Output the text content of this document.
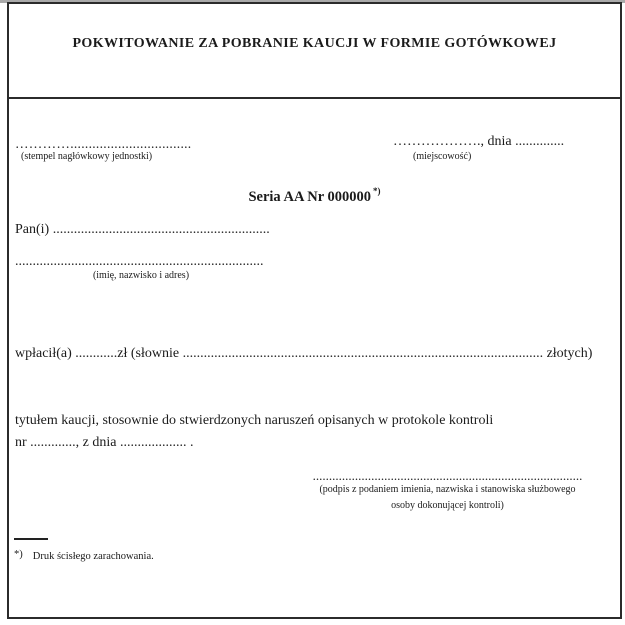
POKWITOWANIE ZA POBRANIE KAUCJI W FORMIE GOTÓWKOWEJ
………….................................
(stempel nagłówkowy jednostki)
………………., dnia ..............
(miejscowość)
Seria AA Nr 000000 *)
Pan(i) ..............................................................
.......................................................................
(imię, nazwisko i adres)
wpłacił(a) ............zł (słownie ....................................................................................................... złotych)
tytułem kaucji, stosownie do stwierdzonych naruszeń opisanych w protokole kontroli
nr ............., z dnia ................... .
...................................................................................
(podpis z podaniem imienia, nazwiska i stanowiska służbowego
osoby dokonującej kontroli)
*) Druk ścisłego zarachowania.
